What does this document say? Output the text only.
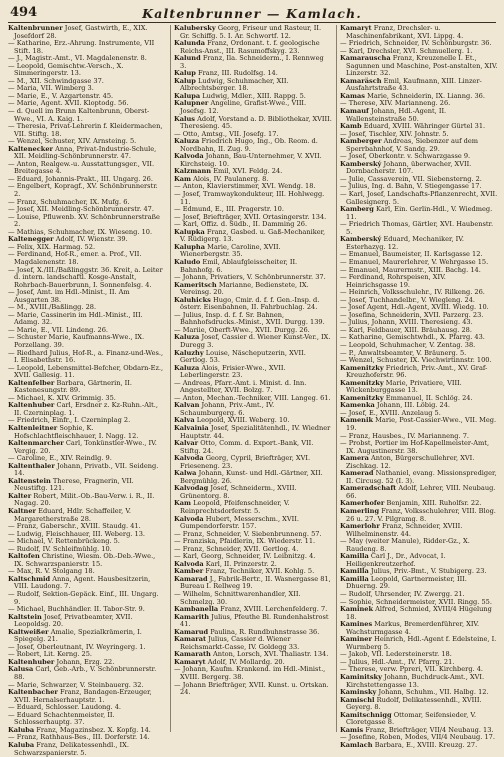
494	Kaltenbrunner — Kamlach.
Kaltenbrunner Josef, Gastwirth, E., XIX. Josefdorf 28.
— Katharine, Erz.-Ahrung. Instrumente, VII Stift. 18.
— J., Magistr.-Amt., VI. Magdalenenstr. 8.
— Leopold, Gemischtw.-Versch., X. Simmeringerstr. 13.
— M., XII. Schwindgasse 37.
— Maria, VII. Wimberg 3.
— Marie, E., V. Azgartenstr. 45.
— Marie, Agent. XVII. Kloptodg. 56.
— d. Quell im Brunn Kaltenbrunn, Oberst-Wwe., VI. A. Kaig. 1.
— Theresia, Privat-Lehrerin f. Kleidermachen, VII. Stiftg. 18.
— Wenzel, Schuster, XIV. Arnsteing. 5.
Kaltenecker Anna, Privat-Industrie-Schule, XII. Meidling-Schönbrunnerstr. 47.
— Anton, Realgew.-u. Ausstattungsger., VII. Breitegasse 4.
— Eduard, Johannis-Prakt., III. Ungarg. 26.
— Engelbert, Kopragf., XV. Schönbrunnerstr. 2.
— Franz, Schuhmacher, IX. Mufg. 6.
— Josef, XII. Meidling-Schönbrunnerstr. 47.
— Louise, Pfluwenb. XV. Schönbrunnerstraße 2.
— Mathias, Schuhmacher, IX. Wieseng. 10.
Kaltenegger Adolf, IV. Wienstr. 39.
— Felix, XIX. Harmag. 52.
— Ferdinand, Hof-R., emer. a. Prof., VII. Magdalenenstr. 18.
— Josef, X./III./Baßlinggstr. 36. Kreit, a. Leiter d. intern. landschaftl. Kosge-Anstalt, Rohrbach-Bauerbrunn, I. Sonnenfelsg. 4.
— Josef, Amt. im Hdl.-Minist., II. Am Ausgarten 38.
— M., XVIII./Baßlingg. 28.
— Marie, Cassinerin im Hdl.-Minist., III. Adamg. 32.
— Marie, E., VII. Lindeng. 26.
— Schuster Marie, Kaufmanns-Wwe., IX. Porzellang. 39.
— Riedhard Julius, Hof-R., a. Finanz-und-Wes., I. Elisabethstr. 16.
— Leopold, Lebensmittel-Befcher, Obdarn-Ez., XVII. Gallesig. 11.
Kaltenfelber Barbara, Gärtnerin, II. Kastenesungstr. 89.
— Michael, K. XIV. Grimmig. 35.
Kaltenhuber Carl, Ersdner z. Kz-Ruhn.-Alt., II. Czerninplag. 1.
— Friedrich, Einfr., I. Czerninplag 2.
Kaltenleitner Sophie, K. Hofschlachtfleischhauer, I. Nagg. 12.
Kaltenmarcher Carl, Tonkünstler-Wwe., IV. Vergig. 20.
— Caroline, E., XIV. Reindlg. 9.
Kaltenthaler Johann, Privatb., VII. Seideng. 14.
Kaltenstein Therese, Fragnerin, VII. Neustiftg. 121.
Kalter Robert, Milit.-Ob.-Bau-Verw. i. R., II. Nagag. 20.
Kaltner Eduard, Hdlr. Schaffeiler, V. Margaretherstraße 28.
— Franz, Gaberschr., XVIII. Staudg. 41.
— Ludwig, Fleischhauer, III. Weberg. 13.
— Michael, V. Rettenbrückeng. 5.
— Rudolf, IV. Schleifmühlg. 10.
Kaltofen Christine, Wiesm. Ob.-Deb.-Wwe., IX. Schwarzspanierstr. 15.
— Max, R. V. Stolgang 18.
Kaltschmid Anna, Agent. Hausbesitzerin, VIII. Laudong. 7.
— Rudolf, Sektion-Gepäck. Einf., III. Ungarg. 9.
— Michael, Buchhändler. II. Tabor-Str. 9.
Kaltstein Josef, Privatbeamter, XVII. Leopoldsg. 20.
Kaltweißer Amalie, Spezialkrämerin, I. Spiegelg. 21.
— Josef, Oberleutnant, IV. Weyringerg. 1.
— Robert, Lit. Kerng. 25.
Kaltenhuber Johann, Erzg. 22.
Kalusa Carl, Geb.-Arb., V. Schönbrunnerstr. 88.
— Marie, Schwarzer, V. Steinbauerg. 32.
Kaltenbacher Franz, Bandagen-Erzeuger, XVII. Hernalserhauptstr. 1.
— Eduard, Schlosser. Laudong. 4.
— Eduard Schachtenmeister, II. Schlosserhauptg. 37.
Kaluba Franz, Magazinsbez. X. Kopfg. 14.
— Franz, Rathhaus-Bes., III. Dorferstr. 14.
Kaluba Franz, Delikatessenhdl., IX. Schwarzspanierstr. 5.
Kalubersky Georg, Friseur und Rasteur, II. Gr. Schiffg. 5. I. Ar. Schwortf. 12.
Kalunda Franz, Ordonant. t. f. geologische Reichs-Anst., III. Rasumoffskyg. 23.
Kalund Franz, Ila. Schneiderm., I. Rennweg 3.
Kalup Franz, III. Rudolfsg. 14.
Kalup Ludwig, Schuhmacher, XII. Albrechtsberger. 18.
Kalupa Ludwig, Mdler., XIII. Rappg. 5.
Kalupner Angeline, Grafist-Wwe., VIII. Josefsg. 12.
Kalus Adolf, Vorstand a. D. Bibliothekar, XVIII. Theresieng. 45.
— Otto, Amtsg., VII. Josefg. 17.
Kaluza Friedrich Hugo, Ing., Ob. Reom. d. Nordbahn, II. Zug. 9.
Kalvoda Johann, Bau-Unternehmer, V. XVII. Kirchsteig. 10.
Kalzmann Emil, XVI. Feldg. 24.
Kam Alois, IV. Paulanerg. 8.
— Anton, Klavierstimmer, XVI. Wendg. 18.
— Josef, Tramwaykondukteur, III. Hohlwegg. 11.
— Edmund, E., III. Pragerstr. 10.
— Josef, Briefträger, XVII. Ortasingerstr. 134.
— Karl, Offiz. d. Südb., II. Damming 26.
Kalupka Franz, Gasbed. u. Gaß-Mechaniker, V. Rüdigerg. 13.
Kalupha Marie, Caroline, XVII. Wienerbergstr. 35.
Kaludo Emil, Ablaufgleisscheiter, II. Bahnhofg. 6.
— Johann, Privatiers, V. Schönbrunnerstr. 37.
Kameritsch Marianne, Bedienstete, IX. Vereinsg. 20.
Kaluhicks Hugo, Cmir. d. f. f. Gen.-Insp. d. österr. Eisenbahnen, II. Fahrbuchlag. 24.
— Julius, Insp. d. f. f. Sr. Bahnen, Bahnhofsdrucks.-Minist., XVII. Durgg. 139.
— Mariie, Oberft-Wwe., XVII. Durgg. 26.
Kaluza Josef, Cassier d. Wiener Kunst-Ver., IX. Duregg 3.
Kaluzhy Louise, Näscheputzerin, XVII. Gertlog. 53.
Kaluza Alois, Frisier-Wwe., XVII. Leberlingerstr. 23.
— Andreas, Pfarr.-Amt. i. Minist. d. Inn. Angestellter, XVII. Bolzg. 7.
— Anton, Mechan.-Techniker, VIII. Langeg. 61.
Kalvan Johann, Priv.-Amt., IV. Schaumburgerg. 6.
Kalva Leopold, XVIII. Weberg. 10.
Kalvainia Josef, Spezialitätenhdl., IV. Wiedner Hauptstr. 44.
Kalvar Otto, Comm. d. Export.-Bank, VII. Stiftg. 24.
Kalvoda Georg, Cypril, Briefträger, XVI. Frieseneng. 23.
Kalwa Johann, Kunst- und Hdl.-Gärtner, XII. Bergmühlg. 26.
Kalvodag Josef, Schneiderm., XVIII. Grünentorg. 8.
Kam Leopold, Pfeifenschneider, V. Reinprechtsdorferstr. 5.
Kalvoda Hubert, Messerschm., XVII. Gumpendorferstr. 157.
— Franz, Schneider, V. Siebenbrunneng. 57.
— Franziska, Pfaidlerin, IX. Wiederstr. 11.
— Franz, Schneider, XVII. Gertlog. 4.
— Karl, Georg, Schneider, IV. Leibnitzg. 4.
Kalvoda Karl, II. Prinzerstr. 2.
Kamber Franz, Techniker, XVII. Kohlg. 5.
Kamarad J., Fabrik-Bertr., II. Wasnergasse 81, Bureau I. Rellweg 19.
— Wilhelm, Schnittwarenhandler, XII. Schmelzg. 30.
Kambanella Franz, XVIII. Lerchenfelderg. 7.
Kamarith Julius, Pfeuthe Bl. Rundenhalstrost 41.
Kamarud Paulina, R. Rundbuhnstrasse 36.
Kamarat Julius, Cassier d. Wiener Reichsmarkt-Casse, IV. Goldegg 33.
Kamarath Anton, Lorsch, XVI. Thaliastr. 134.
Kamaryt Adolf, IV. Mollardg. 20.
— Johann, Kaufm. Krankend. im Hdl.-Minist., XVIII. Bergerg. 38.
— Johann Briefträger, XVII. Kunst. u. Ortskan. 24.
Kamaryt Franz, Drechsler- u. Maschinenfabrikant, XVI. Lippg. 4.
— Friedrich, Schneider, IV. Schönburgstr. 36.
— Karl, Drechsler, XVI. Schmuellerg. 1.
Kamarauscha Franz, Kreuzenelle I. Et., Sagunnen und Maschine, Post-anstalten, XIV. Linzerstr. 32.
Kamaräsch Emil, Kaufmann, XIII. Linzer-Ausfahrtstraße 43.
Kamas Marie, Schneiderin, IX. Lianng. 36.
— Therese, XIV. Marianneng. 26.
Kamauf Johann, Hdl.-Agent, II. Wallensteinstraße 50.
Kamb Eduard, XVIII. Währinger Gürtel 31.
— Josef, Tischler, XIV. Johnstr. 5.
Kamberger Andreas, Siebenzer auf dem Sperrbahnhof, V. Sandg. 29.
— Josef, Oberkontr. v. Schwarzgasse 9.
Kamberský Johann, überwacher, XVII. Dornbacherstr. 107.
— Julie, Cassaverein, VII. Siebensterng. 2.
— Julius, Ing. d. Bahn, V. Stiegengasse 17.
— Karl, Josef, Landschafts-Pflanzenrecht, XVII. Gallesignerg. 5.
Kamberg Karl, Ein. Gerlin-Hdl., V. Wiedmeg. 11.
— Friedrich Thomas, Gärtler, XVI. Haubenstr. 5.
Kamberský Eduard, Mechaniker, IV. Esterhazyg. 12.
— Emanuel, Baumeister, II. Karlsgasse 12.
— Emanuel, Maurerlehrer, V. Wehrgasse 15.
— Emanuel, Maurermstr., XIII. Bachg. 14.
— Ferdinand, Rohrspeisen, XIV. Heinrichsgasse 19.
— Heinrich, Volksschulehr., IV. Rilkeng. 26.
— Josef, Tuchhandelbr., V. Wiegleng. 24.
— Josef Agent, Hdl.-Agent, XVIII. Wiedg. 10.
— Josefina, Schneiderin, XVII. Parzerg. 23.
— Julius, Johann, XVIII. Theresieng. 43.
— Karl, Feldbauer, XIII. Bräuhausg. 28.
— Katharine, Gemischtwhdl., X. Pfarrg. 43.
— Leopold, Schuhmacher, V. Zentag. 38.
— P., Anwaltsbeamter, V. Bräunerg. 5.
— Wenzel, Schuster, IX. Viechwirtinnstr. 100.
Kamenitzky Friedrich, Priv.-Amt., XV. Graf-Kreuzhoferstr. 96.
Kamenitzky Marie, Privatiere, VIII. Wickenburggasse 13.
Kamenitzky Emmanuel, II. Schlög. 24.
Kamenka Johann, III. Löbig. 24.
— Josef, E., XVIII. Anzelaug 5.
Kamenik Marie, Post-Cassier-Wwe., VII. Meg. 19.
— Franz, Hausbes., IV. Marianneng. 7.
— Probst, Portier im Hof-Kapellmeister-Amt, IX. Augustinerstr. 38.
Kamera Anton, Bürgerschullehrer, XVI. Zischkag. 12.
Kamerad Nathaniel, evang. Missionsprediger, II. Circusg. 52 (I. 3).
Kameradschaft Adolf, Lehrer, VIII. Neubaug. 66.
Kamerhofer Benjamin, XIII. Ruholfsr. 22.
Kamerling Franz, Volksschulehrer, VIII. Blog. 26 u. 27. V. Pilgramg. 8.
Kamerlohr Franz, Schneider, XVIII. Wilhelminenstr. 44.
— May (weiter Manule), Ridder-Gz., X. Raudeng. 8.
Kamilla Carl J., Dr., Advocat, I. Heiligenkreutzerhof.
Kamilla Julius, Priv.-Bmt., V. Stubigerg. 23.
Kamilla Leopold, Gartnermeister, III. Dhuerng. 29.
— Rudolf, Uhrsender, IV. Zwergg. 21.
— Sophie, Schneidermeister, XVII. Ringg. 55.
Kaminek Alfred, Schmied, XVIII/4 Hügelung 18.
Kamines Markus, Bremerdenführer, XIV. Wachsturmgasse 4.
Kaminer Heinrich, Hdl.-Agent f. Edelsteine, I. Wurmberg 5.
— Jakob, VII. Ledersteinerstr. 18.
— Julius, Hdl.-Amt., IV. Pfarrg. 21.
— Therese, verw. Ppreri, VII. Kirchberg. 4.
Kaminitsky Johann, Buchdruck-Amt., XVI. Kirchstettengasse 13.
Kaminsky Johann, Schuhm., VII. Halbg. 12.
Kamischl Rudolf, Delikatessenhdl., XVIII. Geyerg. 8.
Kamitschnigg Ottomar, Seifensieder, V. Cloretgasse 8.
Kamis Franz, Briefträger, VII/4 Neubaug. 13.
— Josefine, Roben, Modes, VII/4 Neubaug. 17.
Kamlach Barbara, E., XVIII. Kreuzg. 27.
